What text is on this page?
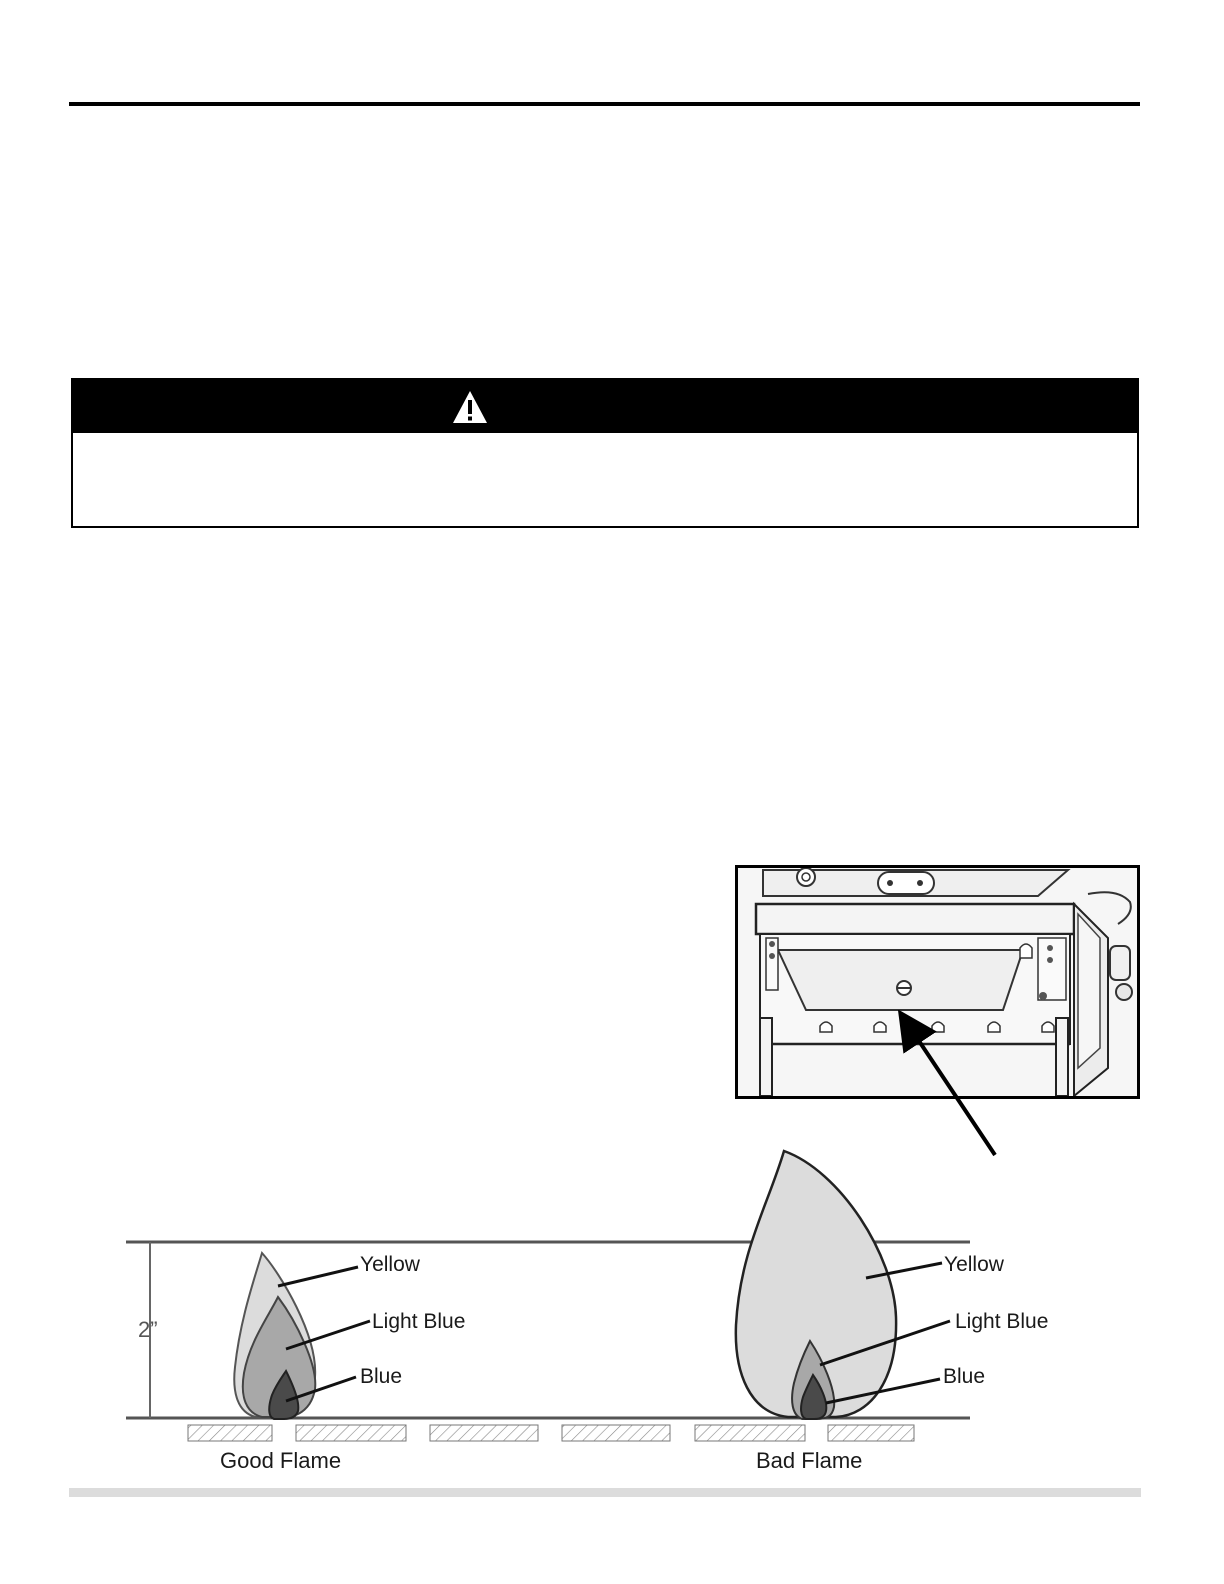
2”
Yellow
Light Blue
Blue
Good Flame
Yellow
Light Blue
Blue
Bad Flame
